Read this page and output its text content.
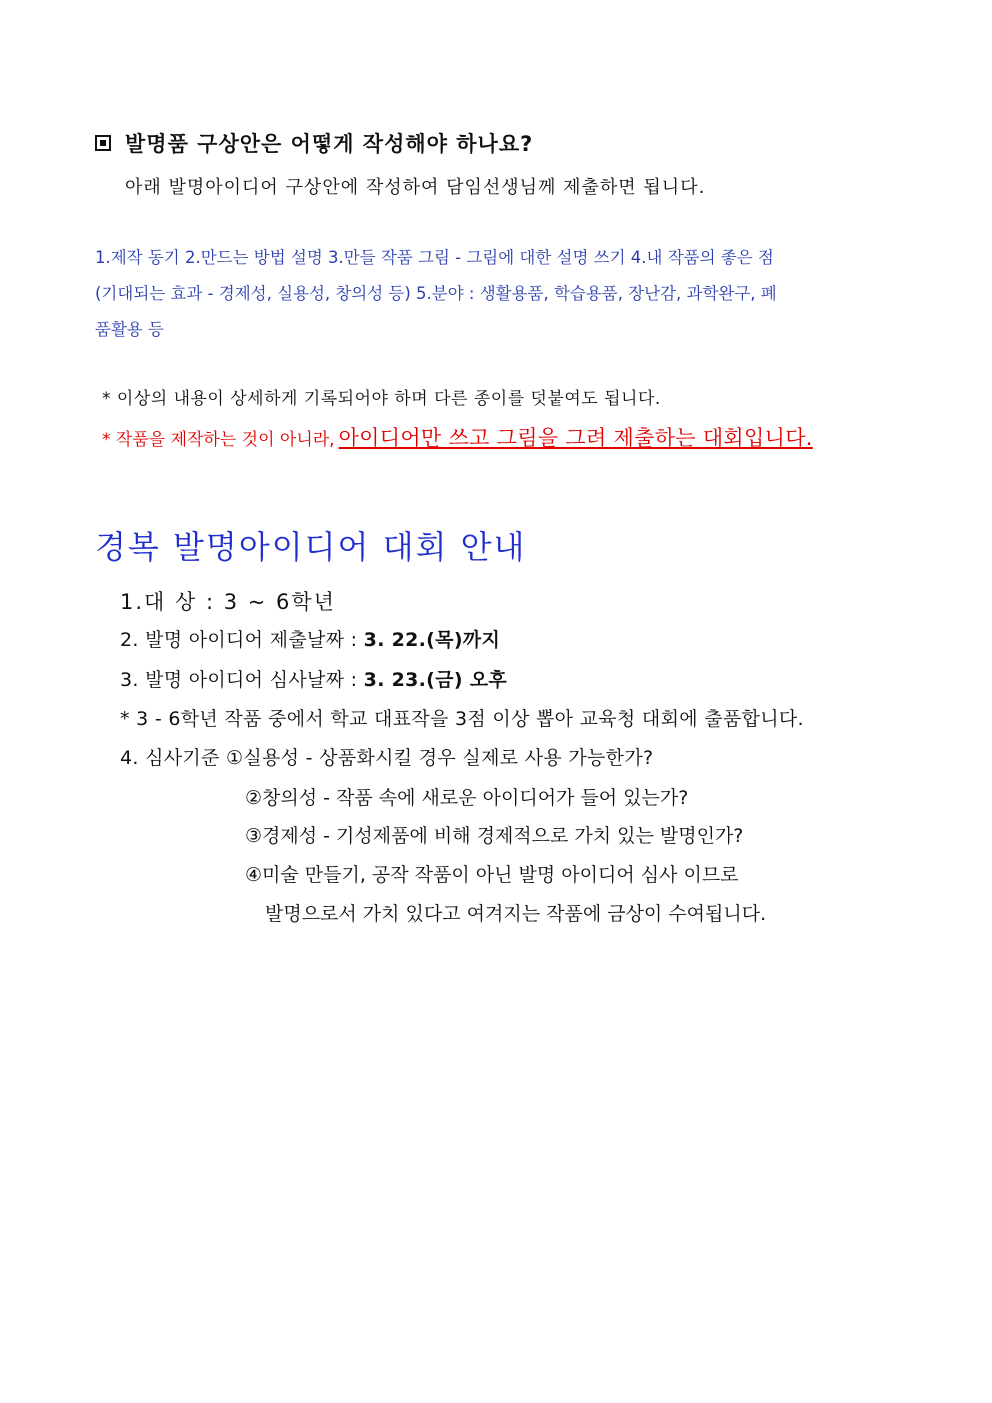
발명품 구상안은 어떻게 작성해야 하나요?
아래 발명아이디어 구상안에 작성하여 담임선생님께 제출하면 됩니다.
1.제작 동기 2.만드는 방법 설명 3.만들 작품 그림 - 그림에 대한 설명 쓰기 4.내 작품의 좋은 점
(기대되는 효과 - 경제성, 실용성, 창의성 등) 5.분야 : 생활용품, 학습용품, 장난감, 과학완구, 폐
품활용 등
* 이상의 내용이 상세하게 기록되어야 하며 다른 종이를 덧붙여도 됩니다.
* 작품을 제작하는 것이 아니라, 아이디어만 쓰고 그림을 그려 제출하는 대회입니다.
경복 발명아이디어 대회 안내
1.대 상 : 3 ~ 6학년
2. 발명 아이디어 제출날짜 : 3. 22.(목)까지
3. 발명 아이디어 심사날짜 : 3. 23.(금) 오후
* 3 - 6학년 작품 중에서 학교 대표작을 3점 이상 뽑아 교육청 대회에 출품합니다.
4. 심사기준 ①실용성 - 상품화시킬 경우 실제로 사용 가능한가?
②창의성 - 작품 속에 새로운 아이디어가 들어 있는가?
③경제성 - 기성제품에 비해 경제적으로 가치 있는 발명인가?
④미술 만들기, 공작 작품이 아닌 발명 아이디어 심사 이므로
발명으로서 가치 있다고 여겨지는 작품에 금상이 수여됩니다.
